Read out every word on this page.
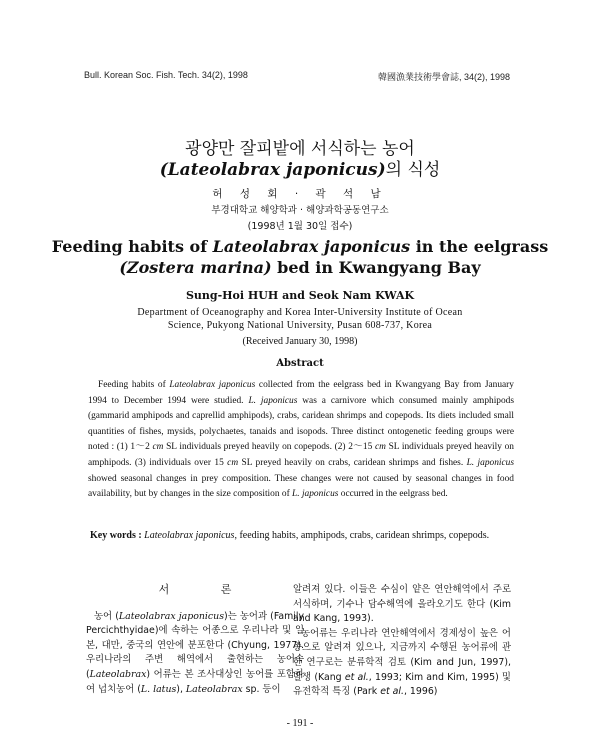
Bull. Korean Soc. Fish. Tech. 34(2), 1998	韓國漁業技術學會誌, 34(2), 1998
광양만 잘피밭에 서식하는 농어
(Lateolabrax japonicus)의 식성
허 성 회 · 곽 석 남
부경대학교 해양학과 · 해양과학공동연구소
(1998년 1월 30일 접수)
Feeding habits of Lateolabrax japonicus in the eelgrass
(Zostera marina) bed in Kwangyang Bay
Sung-Hoi HUH and Seok Nam KWAK
Department of Oceanography and Korea Inter-University Institute of Ocean
Science, Pukyong National University, Pusan 608-737, Korea
(Received January 30, 1998)
Abstract
Feeding habits of Lateolabrax japonicus collected from the eelgrass bed in Kwangyang Bay from January 1994 to December 1994 were studied. L. japonicus was a carnivore which consumed mainly amphipods (gammarid amphipods and caprellid amphipods), crabs, caridean shrimps and copepods. Its diets included small quantities of fishes, mysids, polychaetes, tanaids and isopods. Three distinct ontogenetic feeding groups were noted : (1) 1～2 cm SL individuals preyed heavily on copepods. (2) 2～15 cm SL individuals preyed heavily on amphipods. (3) individuals over 15 cm SL preyed heavily on crabs, caridean shrimps and fishes. L. japonicus showed seasonal changes in prey composition. These changes were not caused by seasonal changes in food availability, but by changes in the size composition of L. japonicus occurred in the eelgrass bed.
Key words : Lateolabrax japonicus, feeding habits, amphipods, crabs, caridean shrimps, copepods.
서 론

농어 (Lateolabrax japonicus)는 농어과 (Family Percichthyidae)에 속하는 어종으로 우리나라 및 일본, 대만, 중국의 연안에 분포한다 (Chyung, 1977). 우리나라의 주변 해역에서 출현하는 농어속 (Lateolabrax) 어류는 본 조사대상인 농어를 포함하여 넙치농어 (L. latus), Lateolabrax sp. 등이

알려져 있다. 이들은 수심이 얕은 연안해역에서 주로 서식하며, 기수나 담수해역에 올라오기도 한다 (Kim and Kang, 1993).

농어류는 우리나라 연안해역에서 경제성이 높은 어종으로 알려져 있으나, 지금까지 수행된 농어류에 관한 연구로는 분류학적 검토 (Kim and Jun, 1997), 발생 (Kang et al., 1993; Kim and Kim, 1995) 및 유전학적 특징 (Park et al., 1996)

- 191 -
